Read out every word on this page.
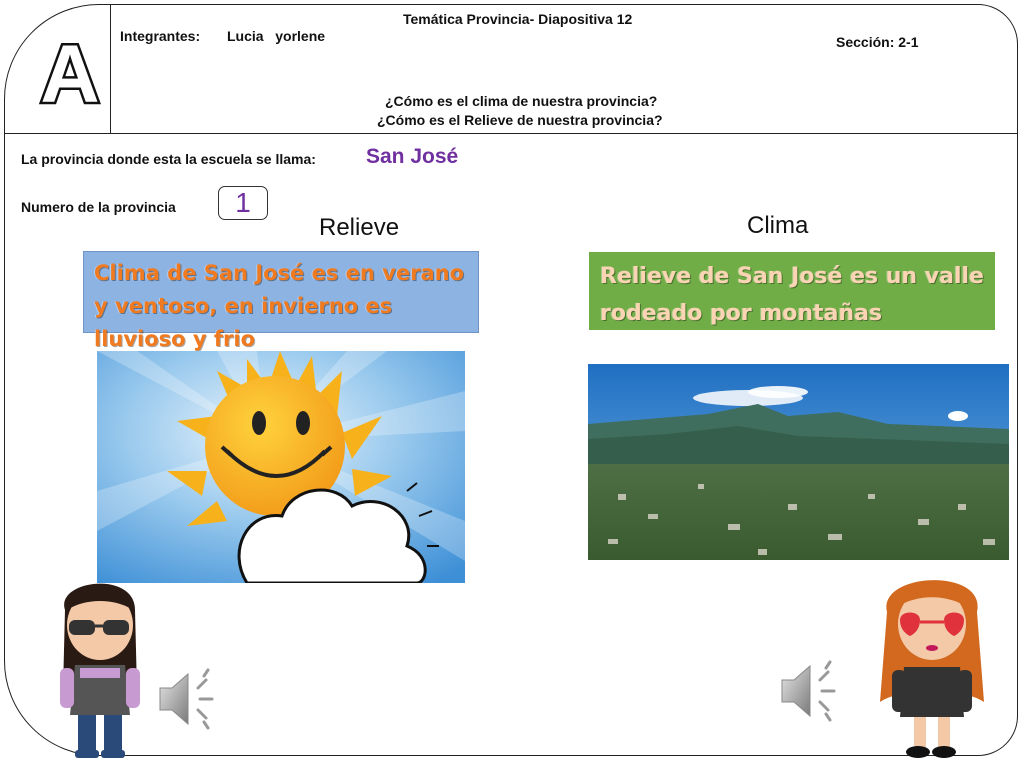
A
Temática Provincia- Diapositiva 12
Integrantes: Lucia   yorlene	Sección: 2-1
¿Cómo es el clima de nuestra provincia?
¿Cómo es el Relieve de nuestra provincia?
La provincia donde esta la escuela se llama: San José
Numero de la provincia	1
Relieve	Clima
Clima de San José es en verano y ventoso, en invierno es lluvioso y frio
Relieve de San José es un valle rodeado por montañas
